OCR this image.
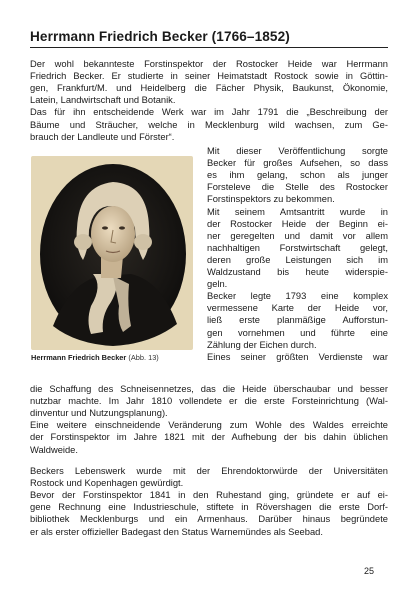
Herrmann Friedrich Becker (1766–1852)
Der wohl bekannteste Forstinspektor der Rostocker Heide war Herrmann
Friedrich Becker. Er studierte in seiner Heimatstadt Rostock sowie in Göttin-
gen, Frankfurt/M. und Heidelberg die Fächer Physik, Baukunst, Ökonomie,
Latein, Landwirtschaft und Botanik.
Das für ihn entscheidende Werk war im Jahr 1791 die „Beschreibung der
Bäume und Sträucher, welche in Mecklenburg wild wachsen, zum Ge-
brauch der Landleute und Förster“.
Mit dieser Veröffentlichung sorgte
Becker für großes Aufsehen, so dass
es ihm gelang, schon als junger
Forsteleve die Stelle des Rostocker
Forstinspektors zu bekommen.
Mit seinem Amtsantritt wurde in
der Rostocker Heide der Beginn ei-
ner geregelten und damit vor allem
nachhaltigen Forstwirtschaft gelegt,
deren große Leistungen sich im
Waldzustand bis heute widerspie-
geln.
Becker legte 1793 eine komplex
vermessene Karte der Heide vor,
ließ erste planmäßige Aufforstun-
gen vornehmen und führte eine
Zählung der Eichen durch.
Eines seiner größten Verdienste war
die Schaffung des Schneisennetzes, das die Heide überschaubar und besser
nutzbar machte. Im Jahr 1810 vollendete er die erste Forsteinrichtung (Wal-
dinventur und Nutzungsplanung).
Eine weitere einschneidende Veränderung zum Wohle des Waldes erreichte
der Forstinspektor im Jahre 1821 mit der Aufhebung der bis dahin üblichen
Waldweide.
Beckers Lebenswerk wurde mit der Ehrendoktorwürde der Universitäten
Rostock und Kopenhagen gewürdigt.
Bevor der Forstinspektor 1841 in den Ruhestand ging, gründete er auf ei-
gene Rechnung eine Industrieschule, stiftete in Rövershagen die erste Dorf-
bibliothek Mecklenburgs und ein Armenhaus. Darüber hinaus begründete
er als erster offizieller Badegast den Status Warnemündes als Seebad.
Herrmann Friedrich Becker (Abb. 13)
25
